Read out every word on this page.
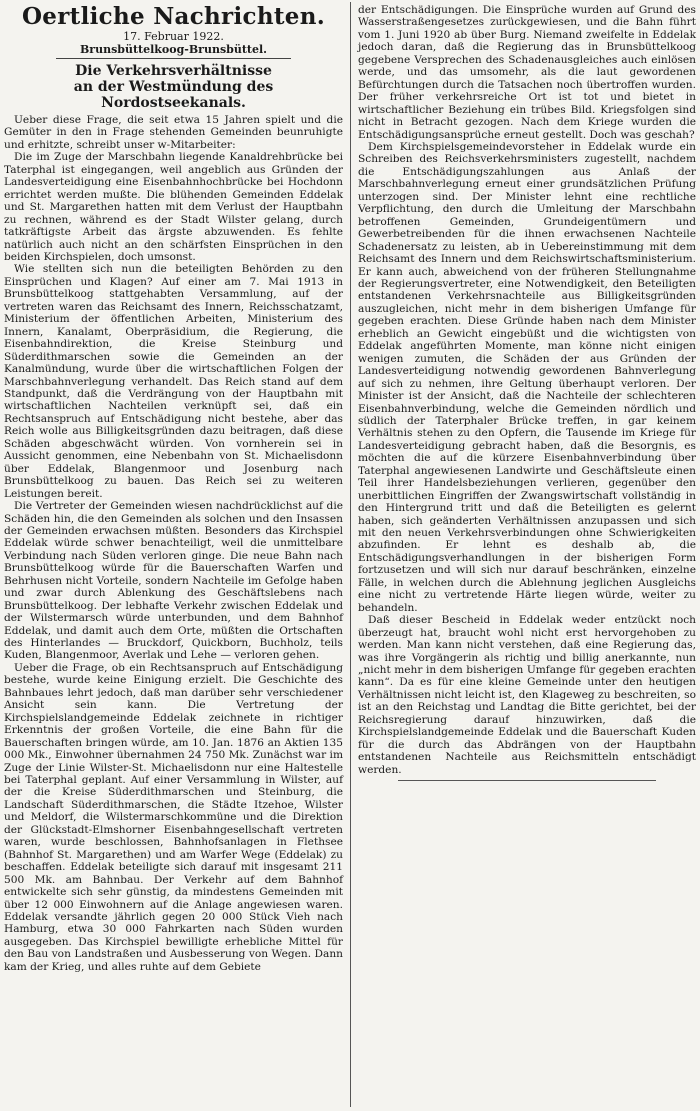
Oertliche Nachrichten.
17. Februar 1922.
Brunsbüttelkoog-Brunsbüttel.
Die Verkehrsverhältnisse
an der Westmündung des Nordostseekanals.

Ueber diese Frage, die seit etwa 15 Jahren spielt und die Gemüter in den in Frage stehenden Gemeinden beunruhigte und erhitzte, schreibt unser w-Mitarbeiter:

Die im Zuge der Marschbahn liegende Kanaldrehbrücke bei Taterphal ist eingegangen, weil angeblich aus Gründen der Landesverteidigung eine Eisenbahnhochbrücke bei Hochdonn errichtet werden mußte. Die blühenden Gemeinden Eddelak und St. Margarethen hatten mit dem Verlust der Hauptbahn zu rechnen, während es der Stadt Wilster gelang, durch tatkräftigste Arbeit das ärgste abzuwenden. Es fehlte natürlich auch nicht an den schärfsten Einsprüchen in den beiden Kirchspielen, doch umsonst.

Wie stellten sich nun die beteiligten Behörden zu den Einsprüchen und Klagen? Auf einer am 7. Mai 1913 in Brunsbüttelkoog stattgehabten Versammlung, auf der vertreten waren das Reichsamt des Innern, Reichsschatzamt, Ministerium der öffentlichen Arbeiten, Ministerium des Innern, Kanalamt, Oberpräsidium, die Regierung, die Eisenbahndirektion, die Kreise Steinburg und Süderdithmarschen sowie die Gemeinden an der Kanalmündung, wurde über die wirtschaftlichen Folgen der Marschbahnverlegung verhandelt. Das Reich stand auf dem Standpunkt, daß die Verdrängung von der Hauptbahn mit wirtschaftlichen Nachteilen verknüpft sei, daß ein Rechtsanspruch auf Entschädigung nicht bestehe, aber das Reich wolle aus Billigkeitsgründen dazu beitragen, daß diese Schäden abgeschwächt würden. Von vornherein sei in Aussicht genommen, eine Nebenbahn von St. Michaelisdonn über Eddelak, Blangenmoor und Josenburg nach Brunsbüttelkoog zu bauen. Das Reich sei zu weiteren Leistungen bereit.

Die Vertreter der Gemeinden wiesen nachdrücklichst auf die Schäden hin, die den Gemeinden als solchen und den Insassen der Gemeinden erwachsen müßten. Besonders das Kirchspiel Eddelak würde schwer benachteiligt, weil die unmittelbare Verbindung nach Süden verloren ginge. Die neue Bahn nach Brunsbüttelkoog würde für die Bauerschaften Warfen und Behrhusen nicht Vorteile, sondern Nachteile im Gefolge haben und zwar durch Ablenkung des Geschäftslebens nach Brunsbüttelkoog. Der lebhafte Verkehr zwischen Eddelak und der Wilstermarsch würde unterbunden, und dem Bahnhof Eddelak, und damit auch dem Orte, müßten die Ortschaften des Hinterlandes — Bruckdorf, Quickborn, Buchholz, teils Kuden, Blangenmoor, Averlak und Lehe — verloren gehen.

Ueber die Frage, ob ein Rechtsanspruch auf Entschädigung bestehe, wurde keine Einigung erzielt. Die Geschichte des Bahnbaues lehrt jedoch, daß man darüber sehr verschiedener Ansicht sein kann. Die Vertretung der Kirchspielslandgemeinde Eddelak zeichnete in richtiger Erkenntnis der großen Vorteile, die eine Bahn für die Bauerschaften bringen würde, am 10. Jan. 1876 an Aktien 135 000 Mk., Einwohner übernahmen 24 750 Mk. Zunächst war im Zuge der Linie Wilster-St. Michaelisdonn nur eine Haltestelle bei Taterphal geplant. Auf einer Versammlung in Wilster, auf der die Kreise Süderdithmarschen und Steinburg, die Landschaft Süderdithmarschen, die Städte Itzehoe, Wilster und Meldorf, die Wilstermarschkommüne und die Direktion der Glückstadt-Elmshorner Eisenbahngesellschaft vertreten waren, wurde beschlossen, Bahnhofsanlagen in Flethsee (Bahnhof St. Margarethen) und am Warfer Wege (Eddelak) zu beschaffen. Eddelak beteiligte sich darauf mit insgesamt 211 500 Mk. am Bahnbau. Der Verkehr auf dem Bahnhof entwickelte sich sehr günstig, da mindestens Gemeinden mit über 12 000 Einwohnern auf die Anlage angewiesen waren. Eddelak versandte jährlich gegen 20 000 Stück Vieh nach Hamburg, etwa 30 000 Fahrkarten nach Süden wurden ausgegeben. Das Kirchspiel bewilligte erhebliche Mittel für den Bau von Landstraßen und Ausbesserung von Wegen. Dann kam der Krieg, und alles ruhte auf dem Gebiete

der Entschädigungen. Die Einsprüche wurden auf Grund des Wasserstraßengesetzes zurückgewiesen, und die Bahn führt vom 1. Juni 1920 ab über Burg. Niemand zweifelte in Eddelak jedoch daran, daß die Regierung das in Brunsbüttelkoog gegebene Versprechen des Schadenausgleiches auch einlösen werde, und das umsomehr, als die laut gewordenen Befürchtungen durch die Tatsachen noch übertroffen wurden. Der früher verkehrsreiche Ort ist tot und bietet in wirtschaftlicher Beziehung ein trübes Bild. Kriegsfolgen sind nicht in Betracht gezogen. Nach dem Kriege wurden die Entschädigungsansprüche erneut gestellt. Doch was geschah?

Dem Kirchspielsgemeindevorsteher in Eddelak wurde ein Schreiben des Reichsverkehrsministers zugestellt, nachdem die Entschädigungszahlungen aus Anlaß der Marschbahnverlegung erneut einer grundsätzlichen Prüfung unterzogen sind. Der Minister lehnt eine rechtliche Verpflichtung, den durch die Umleitung der Marschbahn betroffenen Gemeinden, Grundeigentümern und Gewerbetreibenden für die ihnen erwachsenen Nachteile Schadenersatz zu leisten, ab in Uebereinstimmung mit dem Reichsamt des Innern und dem Reichswirtschaftsministerium. Er kann auch, abweichend von der früheren Stellungnahme der Regierungsvertreter, eine Notwendigkeit, den Beteiligten entstandenen Verkehrsnachteile aus Billigkeitsgründen auszugleichen, nicht mehr in dem bisherigen Umfange für gegeben erachten. Diese Gründe haben nach dem Minister erheblich an Gewicht eingebüßt und die wichtigsten von Eddelak angeführten Momente, man könne nicht einigen wenigen zumuten, die Schäden der aus Gründen der Landesverteidigung notwendig gewordenen Bahnverlegung auf sich zu nehmen, ihre Geltung überhaupt verloren. Der Minister ist der Ansicht, daß die Nachteile der schlechteren Eisenbahnverbindung, welche die Gemeinden nördlich und südlich der Taterphaler Brücke treffen, in gar keinem Verhältnis stehen zu den Opfern, die Tausende im Kriege für Landesverteidigung gebracht haben, daß die Besorgnis, es möchten die auf die kürzere Eisenbahnverbindung über Taterphal angewiesenen Landwirte und Geschäftsleute einen Teil ihrer Handelsbeziehungen verlieren, gegenüber den unerbittlichen Eingriffen der Zwangswirtschaft vollständig in den Hintergrund tritt und daß die Beteiligten es gelernt haben, sich geänderten Verhältnissen anzupassen und sich mit den neuen Verkehrsverbindungen ohne Schwierigkeiten abzufinden. Er lehnt es deshalb ab, die Entschädigungsverhandlungen in der bisherigen Form fortzusetzen und will sich nur darauf beschränken, einzelne Fälle, in welchen durch die Ablehnung jeglichen Ausgleichs eine nicht zu vertretende Härte liegen würde, weiter zu behandeln.

Daß dieser Bescheid in Eddelak weder entzückt noch überzeugt hat, braucht wohl nicht erst hervorgehoben zu werden. Man kann nicht verstehen, daß eine Regierung das, was ihre Vorgängerin als richtig und billig anerkannte, nun „nicht mehr in dem bisherigen Umfange für gegeben erachten kann“. Da es für eine kleine Gemeinde unter den heutigen Verhältnissen nicht leicht ist, den Klageweg zu beschreiten, so ist an den Reichstag und Landtag die Bitte gerichtet, bei der Reichsregierung darauf hinzuwirken, daß die Kirchspielslandgemeinde Eddelak und die Bauerschaft Kuden für die durch das Abdrängen von der Hauptbahn entstandenen Nachteile aus Reichsmitteln entschädigt werden.
